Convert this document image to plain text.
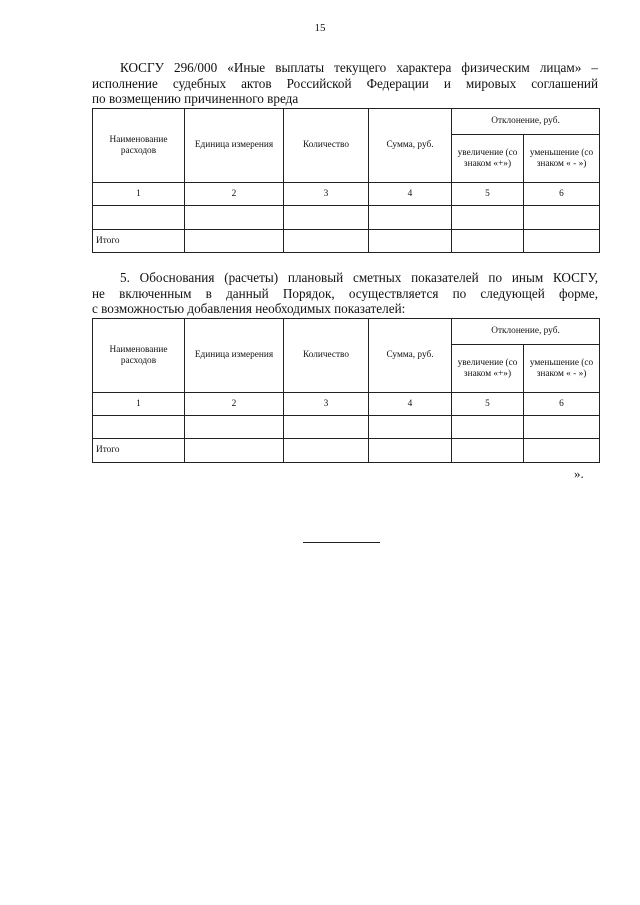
15
КОСГУ 296/000 «Иные выплаты текущего характера физическим лицам» –
исполнение судебных актов Российской Федерации и мировых соглашений
по возмещению причиненного вреда
Наименование расходов	Единица измерения	Количество	Сумма, руб.	Отклонение, руб.	
				увеличение (со знаком «+»)	уменьшение (со знаком « - »)
1	2	3	4	5	6

Итого					
5. Обоснования (расчеты) плановый сметных показателей по иным КОСГУ,
не включенным в данный Порядок, осуществляется по следующей форме,
с возможностью добавления необходимых показателей:
Наименование расходов	Единица измерения	Количество	Сумма, руб.	Отклонение, руб.	
				увеличение (со знаком «+»)	уменьшение (со знаком « - »)
1	2	3	4	5	6

Итого					
».
